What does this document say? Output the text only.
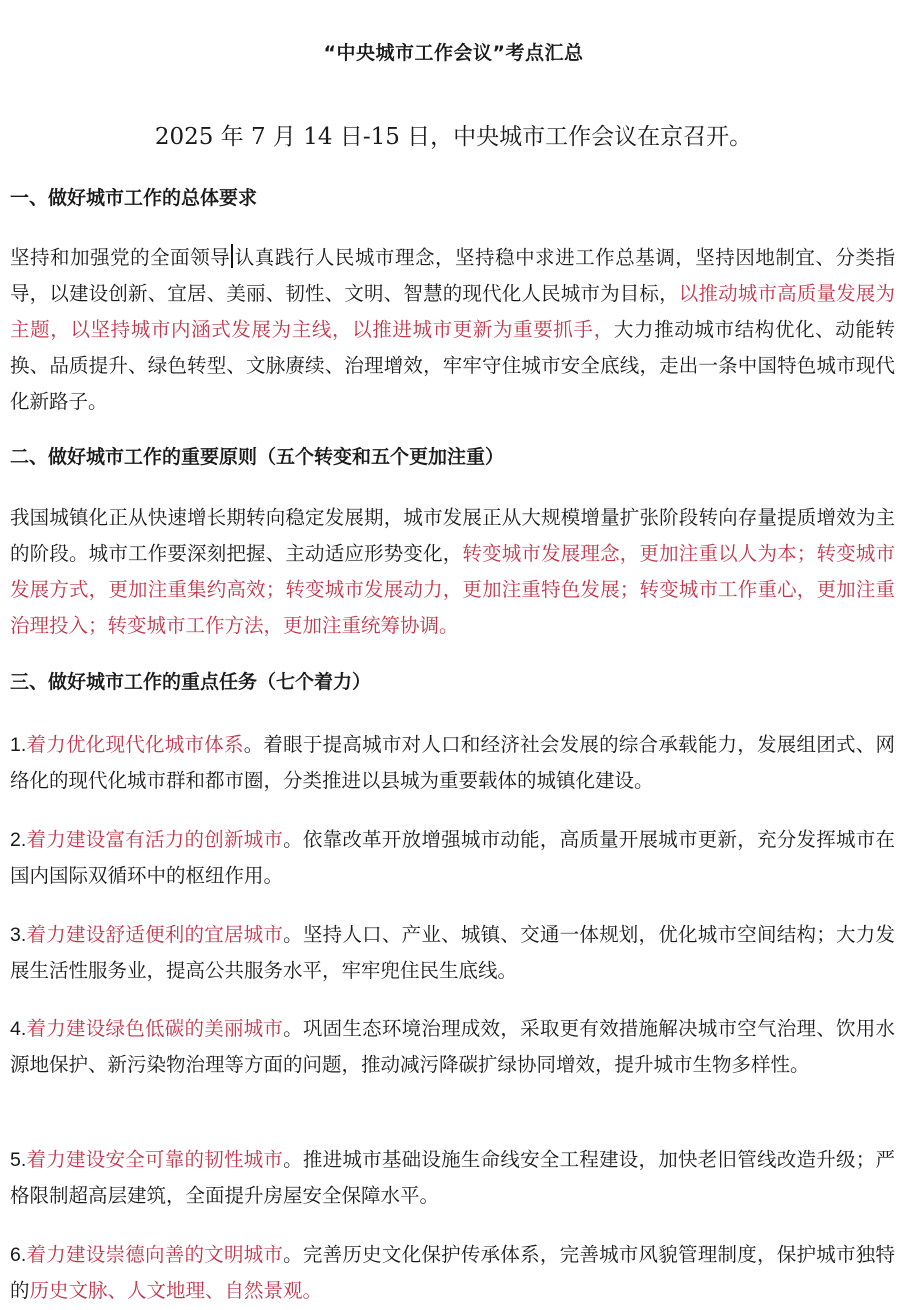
“中央城市工作会议”考点汇总
2025 年 7 月 14 日-15 日，中央城市工作会议在京召开。
一、做好城市工作的总体要求
坚持和加强党的全面领导 认真践行人民城市理念，坚持稳中求进工作总基调，坚持因地制宜、分类指导，以建设创新、宜居、美丽、韧性、文明、智慧的现代化人民城市为目标，以推动城市高质量发展为主题，以坚持城市内涵式发展为主线，以推进城市更新为重要抓手，大力推动城市结构优化、动能转换、品质提升、绿色转型、文脉赓续、治理增效，牢牢守住城市安全底线，走出一条中国特色城市现代化新路子。
二、做好城市工作的重要原则（五个转变和五个更加注重）
我国城镇化正从快速增长期转向稳定发展期，城市发展正从大规模增量扩张阶段转向存量提质增效为主的阶段。城市工作要深刻把握、主动适应形势变化，转变城市发展理念，更加注重以人为本；转变城市发展方式，更加注重集约高效；转变城市发展动力，更加注重特色发展；转变城市工作重心，更加注重治理投入；转变城市工作方法，更加注重统筹协调。
三、做好城市工作的重点任务（七个着力）
1.着力优化现代化城市体系。着眼于提高城市对人口和经济社会发展的综合承载能力，发展组团式、网络化的现代化城市群和都市圈，分类推进以县城为重要载体的城镇化建设。
2.着力建设富有活力的创新城市。依靠改革开放增强城市动能，高质量开展城市更新，充分发挥城市在国内国际双循环中的枢纽作用。
3.着力建设舒适便利的宜居城市。坚持人口、产业、城镇、交通一体规划，优化城市空间结构；大力发展生活性服务业，提高公共服务水平，牢牢兜住民生底线。
4.着力建设绿色低碳的美丽城市。巩固生态环境治理成效，采取更有效措施解决城市空气治理、饮用水源地保护、新污染物治理等方面的问题，推动减污降碳扩绿协同增效，提升城市生物多样性。
5.着力建设安全可靠的韧性城市。推进城市基础设施生命线安全工程建设，加快老旧管线改造升级；严格限制超高层建筑，全面提升房屋安全保障水平。
6.着力建设崇德向善的文明城市。完善历史文化保护传承体系，完善城市风貌管理制度，保护城市独特的历史文脉、人文地理、自然景观。
